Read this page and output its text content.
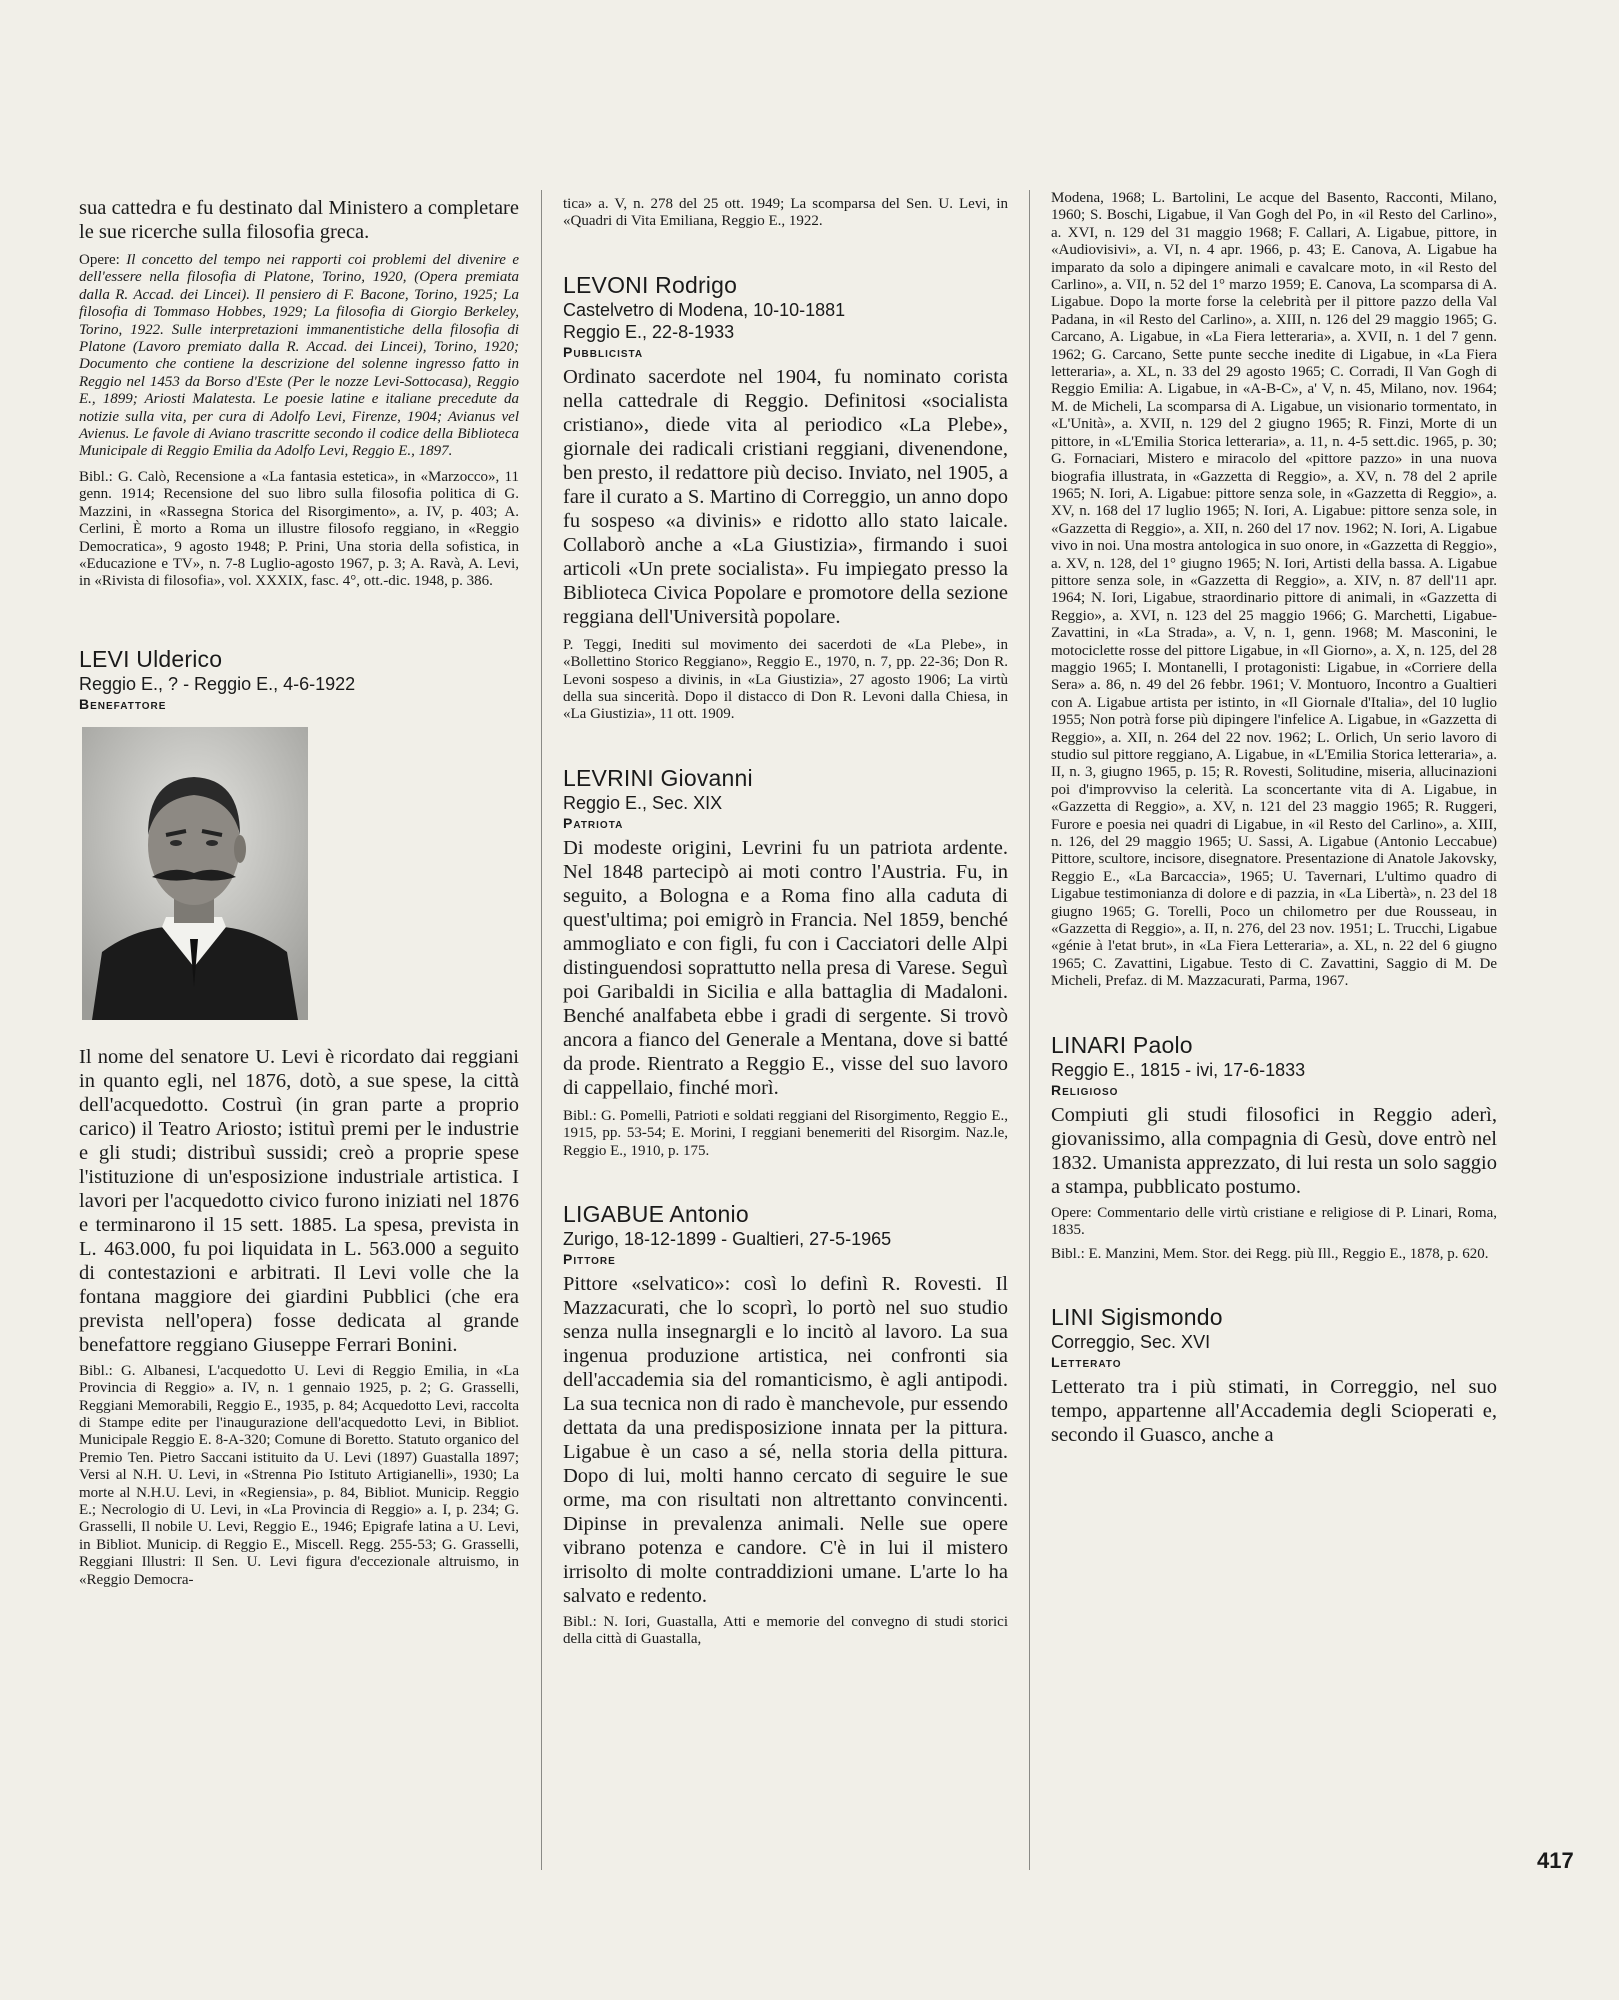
sua cattedra e fu destinato dal Ministero a completare le sue ricerche sulla filosofia greca.

Opere: Il concetto del tempo nei rapporti coi problemi del divenire e dell'essere nella filosofia di Platone, Torino, 1920, (Opera premiata dalla R. Accad. dei Lincei). Il pensiero di F. Bacone, Torino, 1925; La filosofia di Tommaso Hobbes, 1929; La filosofia di Giorgio Berkeley, Torino, 1922. Sulle interpretazioni immanentistiche della filosofia di Platone (Lavoro premiato dalla R. Accad. dei Lincei), Torino, 1920; Documento che contiene la descrizione del solenne ingresso fatto in Reggio nel 1453 da Borso d'Este (Per le nozze Levi-Sottocasa), Reggio E., 1899; Ariosti Malatesta. Le poesie latine e italiane precedute da notizie sulla vita, per cura di Adolfo Levi, Firenze, 1904; Avianus vel Avienus. Le favole di Aviano trascritte secondo il codice della Biblioteca Municipale di Reggio Emilia da Adolfo Levi, Reggio E., 1897.

Bibl.: G. Calò, Recensione a «La fantasia estetica», in «Marzocco», 11 genn. 1914; Recensione del suo libro sulla filosofia politica di G. Mazzini, in «Rassegna Storica del Risorgimento», a. IV, p. 403; A. Cerlini, È morto a Roma un illustre filosofo reggiano, in «Reggio Democratica», 9 agosto 1948; P. Prini, Una storia della sofistica, in «Educazione e TV», n. 7-8 Luglio-agosto 1967, p. 3; A. Ravà, A. Levi, in «Rivista di filosofia», vol. XXXIX, fasc. 4°, ott.-dic. 1948, p. 386.

LEVI Ulderico

Reggio E., ? - Reggio E., 4-6-1922

Benefattore

Il nome del senatore U. Levi è ricordato dai reggiani in quanto egli, nel 1876, dotò, a sue spese, la città dell'acquedotto. Costruì (in gran parte a proprio carico) il Teatro Ariosto; istituì premi per le industrie e gli studi; distribuì sussidi; creò a proprie spese l'istituzione di un'esposizione industriale artistica. I lavori per l'acquedotto civico furono iniziati nel 1876 e terminarono il 15 sett. 1885. La spesa, prevista in L. 463.000, fu poi liquidata in L. 563.000 a seguito di contestazioni e arbitrati. Il Levi volle che la fontana maggiore dei giardini Pubblici (che era prevista nell'opera) fosse dedicata al grande benefattore reggiano Giuseppe Ferrari Bonini.

Bibl.: G. Albanesi, L'acquedotto U. Levi di Reggio Emilia, in «La Provincia di Reggio» a. IV, n. 1 gennaio 1925, p. 2; G. Grasselli, Reggiani Memorabili, Reggio E., 1935, p. 84; Acquedotto Levi, raccolta di Stampe edite per l'inaugurazione dell'acquedotto Levi, in Bibliot. Municipale Reggio E. 8-A-320; Comune di Boretto. Statuto organico del Premio Ten. Pietro Saccani istituito da U. Levi (1897) Guastalla 1897; Versi al N.H. U. Levi, in «Strenna Pio Istituto Artigianelli», 1930; La morte al N.H.U. Levi, in «Regiensia», p. 84, Bibliot. Municip. Reggio E.; Necrologio di U. Levi, in «La Provincia di Reggio» a. I, p. 234; G. Grasselli, Il nobile U. Levi, Reggio E., 1946; Epigrafe latina a U. Levi, in Bibliot. Municip. di Reggio E., Miscell. Regg. 255-53; G. Grasselli, Reggiani Illustri: Il Sen. U. Levi figura d'eccezionale altruismo, in «Reggio Democra-

tica» a. V, n. 278 del 25 ott. 1949; La scomparsa del Sen. U. Levi, in «Quadri di Vita Emiliana, Reggio E., 1922.

LEVONI Rodrigo

Castelvetro di Modena, 10-10-1881

Reggio E., 22-8-1933

Pubblicista

Ordinato sacerdote nel 1904, fu nominato corista nella cattedrale di Reggio. Definitosi «socialista cristiano», diede vita al periodico «La Plebe», giornale dei radicali cristiani reggiani, divenendone, ben presto, il redattore più deciso. Inviato, nel 1905, a fare il curato a S. Martino di Correggio, un anno dopo fu sospeso «a divinis» e ridotto allo stato laicale. Collaborò anche a «La Giustizia», firmando i suoi articoli «Un prete socialista». Fu impiegato presso la Biblioteca Civica Popolare e promotore della sezione reggiana dell'Università popolare.

P. Teggi, Inediti sul movimento dei sacerdoti de «La Plebe», in «Bollettino Storico Reggiano», Reggio E., 1970, n. 7, pp. 22-36; Don R. Levoni sospeso a divinis, in «La Giustizia», 27 agosto 1906; La virtù della sua sincerità. Dopo il distacco di Don R. Levoni dalla Chiesa, in «La Giustizia», 11 ott. 1909.

LEVRINI Giovanni

Reggio E., Sec. XIX

Patriota

Di modeste origini, Levrini fu un patriota ardente. Nel 1848 partecipò ai moti contro l'Austria. Fu, in seguito, a Bologna e a Roma fino alla caduta di quest'ultima; poi emigrò in Francia. Nel 1859, benché ammogliato e con figli, fu con i Cacciatori delle Alpi distinguendosi soprattutto nella presa di Varese. Seguì poi Garibaldi in Sicilia e alla battaglia di Madaloni. Benché analfabeta ebbe i gradi di sergente. Si trovò ancora a fianco del Generale a Mentana, dove si batté da prode. Rientrato a Reggio E., visse del suo lavoro di cappellaio, finché morì.

Bibl.: G. Pomelli, Patrioti e soldati reggiani del Risorgimento, Reggio E., 1915, pp. 53-54; E. Morini, I reggiani benemeriti del Risorgim. Naz.le, Reggio E., 1910, p. 175.

LIGABUE Antonio

Zurigo, 18-12-1899 - Gualtieri, 27-5-1965

Pittore

Pittore «selvatico»: così lo definì R. Rovesti. Il Mazzacurati, che lo scoprì, lo portò nel suo studio senza nulla insegnargli e lo incitò al lavoro. La sua ingenua produzione artistica, nei confronti sia dell'accademia sia del romanticismo, è agli antipodi. La sua tecnica non di rado è manchevole, pur essendo dettata da una predisposizione innata per la pittura. Ligabue è un caso a sé, nella storia della pittura. Dopo di lui, molti hanno cercato di seguire le sue orme, ma con risultati non altrettanto convincenti. Dipinse in prevalenza animali. Nelle sue opere vibrano potenza e candore. C'è in lui il mistero irrisolto di molte contraddizioni umane. L'arte lo ha salvato e redento.

Bibl.: N. Iori, Guastalla, Atti e memorie del convegno di studi storici della città di Guastalla,

Modena, 1968; L. Bartolini, Le acque del Basento, Racconti, Milano, 1960; S. Boschi, Ligabue, il Van Gogh del Po, in «il Resto del Carlino», a. XVI, n. 129 del 31 maggio 1968; F. Callari, A. Ligabue, pittore, in «Audiovisivi», a. VI, n. 4 apr. 1966, p. 43; E. Canova, A. Ligabue ha imparato da solo a dipingere animali e cavalcare moto, in «il Resto del Carlino», a. VII, n. 52 del 1° marzo 1959; E. Canova, La scomparsa di A. Ligabue. Dopo la morte forse la celebrità per il pittore pazzo della Val Padana, in «il Resto del Carlino», a. XIII, n. 126 del 29 maggio 1965; G. Carcano, A. Ligabue, in «La Fiera letteraria», a. XVII, n. 1 del 7 genn. 1962; G. Carcano, Sette punte secche inedite di Ligabue, in «La Fiera letteraria», a. XL, n. 33 del 29 agosto 1965; C. Corradi, Il Van Gogh di Reggio Emilia: A. Ligabue, in «A-B-C», a' V, n. 45, Milano, nov. 1964; M. de Micheli, La scomparsa di A. Ligabue, un visionario tormentato, in «L'Unità», a. XVII, n. 129 del 2 giugno 1965; R. Finzi, Morte di un pittore, in «L'Emilia Storica letteraria», a. 11, n. 4-5 sett.dic. 1965, p. 30; G. Fornaciari, Mistero e miracolo del «pittore pazzo» in una nuova biografia illustrata, in «Gazzetta di Reggio», a. XV, n. 78 del 2 aprile 1965; N. Iori, A. Ligabue: pittore senza sole, in «Gazzetta di Reggio», a. XV, n. 168 del 17 luglio 1965; N. Iori, A. Ligabue: pittore senza sole, in «Gazzetta di Reggio», a. XII, n. 260 del 17 nov. 1962; N. Iori, A. Ligabue vivo in noi. Una mostra antologica in suo onore, in «Gazzetta di Reggio», a. XV, n. 128, del 1° giugno 1965; N. Iori, Artisti della bassa. A. Ligabue pittore senza sole, in «Gazzetta di Reggio», a. XIV, n. 87 dell'11 apr. 1964; N. Iori, Ligabue, straordinario pittore di animali, in «Gazzetta di Reggio», a. XVI, n. 123 del 25 maggio 1966; G. Marchetti, Ligabue-Zavattini, in «La Strada», a. V, n. 1, genn. 1968; M. Masconini, le motociclette rosse del pittore Ligabue, in «Il Giorno», a. X, n. 125, del 28 maggio 1965; I. Montanelli, I protagonisti: Ligabue, in «Corriere della Sera» a. 86, n. 49 del 26 febbr. 1961; V. Montuoro, Incontro a Gualtieri con A. Ligabue artista per istinto, in «Il Giornale d'Italia», del 10 luglio 1955; Non potrà forse più dipingere l'infelice A. Ligabue, in «Gazzetta di Reggio», a. XII, n. 264 del 22 nov. 1962; L. Orlich, Un serio lavoro di studio sul pittore reggiano, A. Ligabue, in «L'Emilia Storica letteraria», a. II, n. 3, giugno 1965, p. 15; R. Rovesti, Solitudine, miseria, allucinazioni poi d'improvviso la celerità. La sconcertante vita di A. Ligabue, in «Gazzetta di Reggio», a. XV, n. 121 del 23 maggio 1965; R. Ruggeri, Furore e poesia nei quadri di Ligabue, in «il Resto del Carlino», a. XIII, n. 126, del 29 maggio 1965; U. Sassi, A. Ligabue (Antonio Leccabue) Pittore, scultore, incisore, disegnatore. Presentazione di Anatole Jakovsky, Reggio E., «La Barcaccia», 1965; U. Tavernari, L'ultimo quadro di Ligabue testimonianza di dolore e di pazzia, in «La Libertà», n. 23 del 18 giugno 1965; G. Torelli, Poco un chilometro per due Rousseau, in «Gazzetta di Reggio», a. II, n. 276, del 23 nov. 1951; L. Trucchi, Ligabue «génie à l'etat brut», in «La Fiera Letteraria», a. XL, n. 22 del 6 giugno 1965; C. Zavattini, Ligabue. Testo di C. Zavattini, Saggio di M. De Micheli, Prefaz. di M. Mazzacurati, Parma, 1967.

LINARI Paolo

Reggio E., 1815 - ivi, 17-6-1833

Religioso

Compiuti gli studi filosofici in Reggio aderì, giovanissimo, alla compagnia di Gesù, dove entrò nel 1832. Umanista apprezzato, di lui resta un solo saggio a stampa, pubblicato postumo.

Opere: Commentario delle virtù cristiane e religiose di P. Linari, Roma, 1835.

Bibl.: E. Manzini, Mem. Stor. dei Regg. più Ill., Reggio E., 1878, p. 620.

LINI Sigismondo

Correggio, Sec. XVI

Letterato

Letterato tra i più stimati, in Correggio, nel suo tempo, appartenne all'Accademia degli Scioperati e, secondo il Guasco, anche a

417
